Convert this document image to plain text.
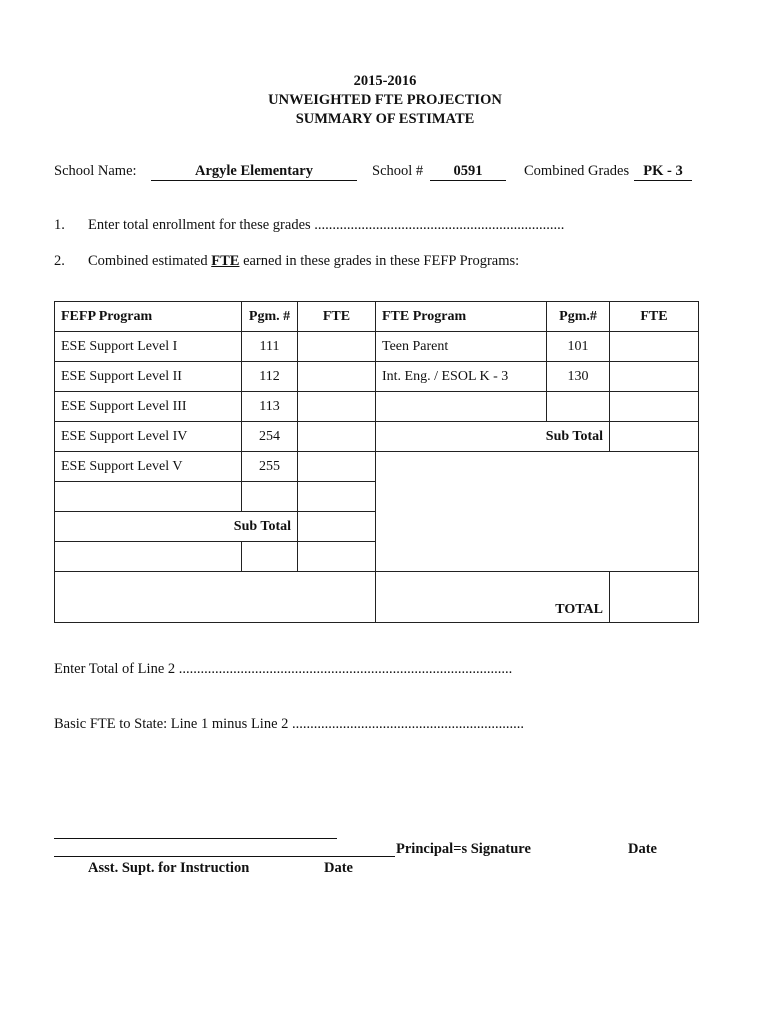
2015-2016
UNWEIGHTED FTE PROJECTION
SUMMARY OF ESTIMATE
School Name:	Argyle Elementary	School #	0591	Combined Grades PK - 3
1. Enter total enrollment for these grades .....................................................................
2. Combined estimated FTE earned in these grades in these FEFP Programs:
FEFP Program	Pgm. #	FTE	FTE Program	Pgm.#	FTE
ESE Support Level I	111		Teen Parent	101	
ESE Support Level II	112		Int. Eng. / ESOL K - 3	130	
ESE Support Level III	113				
ESE Support Level IV	254		Sub Total		
ESE Support Level V	255				

Sub Total					

			TOTAL		
Enter Total of Line 2 ............................................................................................
Basic FTE to State: Line 1 minus Line 2 ................................................................
Principal=s Signature	Date
Asst. Supt. for Instruction	Date
